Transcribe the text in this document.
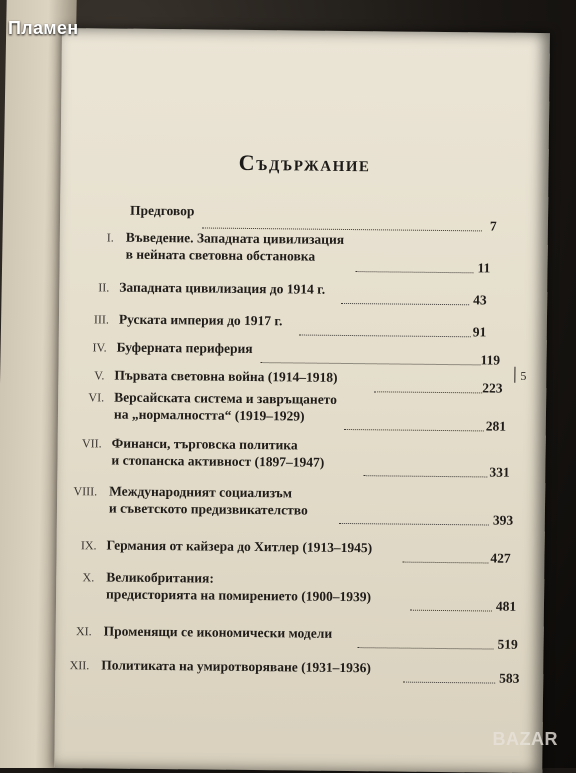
Съдържание
5
Предговор
7
I. Въведение. Западната цивилизация
в нейната световна обстановка
11
II. Западната цивилизация до 1914 г.
43
III. Руската империя до 1917 г.
91
IV. Буферната периферия
119
V. Първата световна война (1914–1918)
223
VI. Версайската система и завръщането
на „нормалността“ (1919–1929)
281
VII. Финанси, търговска политика
и стопанска активност (1897–1947)
331
VIII. Международният социализъм
и съветското предизвикателство
393
IX. Германия от кайзера до Хитлер (1913–1945)
427
X. Великобритания:
предисторията на помирението (1900–1939)
481
XI. Променящи се икономически модели
519
XII. Политиката на умиротворяване (1931–1936)
583
Пламен
BAZAR
